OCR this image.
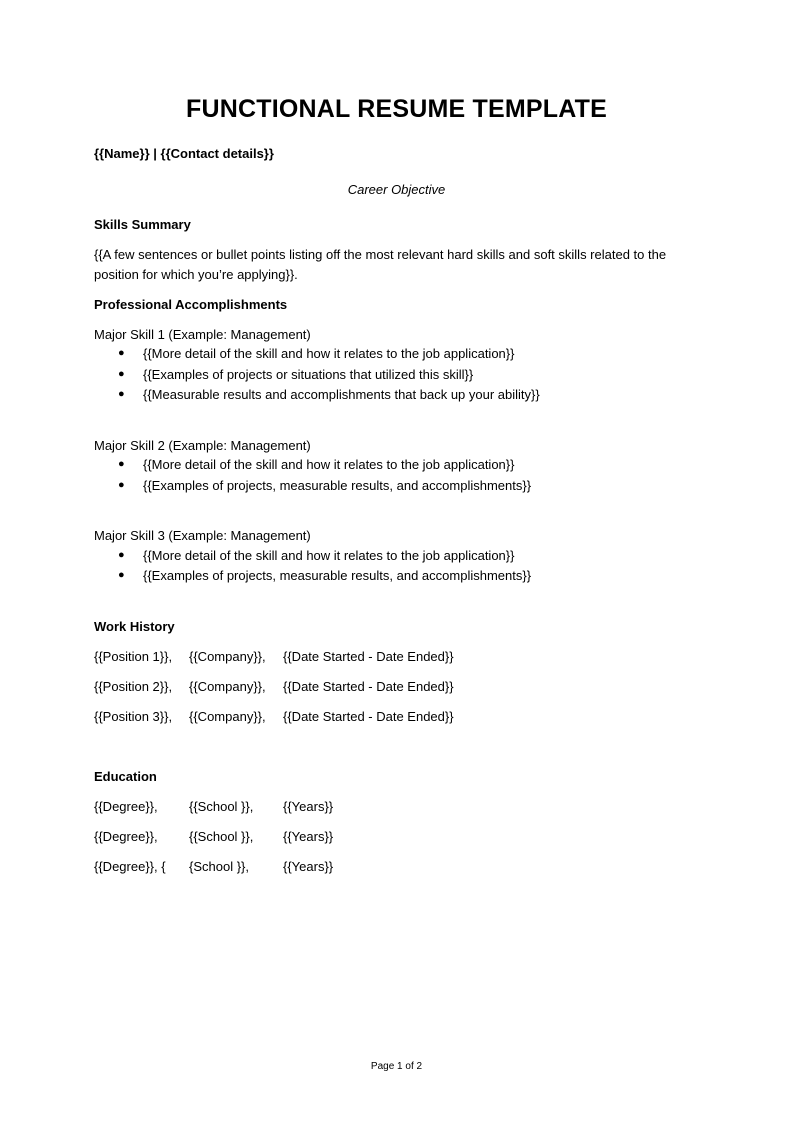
FUNCTIONAL RESUME TEMPLATE
{{Name}} | {{Contact details}}
Career Objective
Skills Summary
{{A few sentences or bullet points listing off the most relevant hard skills and soft skills related to the
position for which you’re applying}}.
Professional Accomplishments
Major Skill 1 (Example: Management)
● {{More detail of the skill and how it relates to the job application}}
● {{Examples of projects or situations that utilized this skill}}
● {{Measurable results and accomplishments that back up your ability}}
Major Skill 2 (Example: Management)
● {{More detail of the skill and how it relates to the job application}}
● {{Examples of projects, measurable results, and accomplishments}}
Major Skill 3 (Example: Management)
● {{More detail of the skill and how it relates to the job application}}
● {{Examples of projects, measurable results, and accomplishments}}
Work History
{{Position 1}}, {{Company}}, {{Date Started - Date Ended}}
{{Position 2}}, {{Company}}, {{Date Started - Date Ended}}
{{Position 3}}, {{Company}}, {{Date Started - Date Ended}}
Education
{{Degree}}, {{School }}, {{Years}}
{{Degree}}, {{School }}, {{Years}}
{{Degree}}, { {School }},	{{Years}}
Page 1 of 2
